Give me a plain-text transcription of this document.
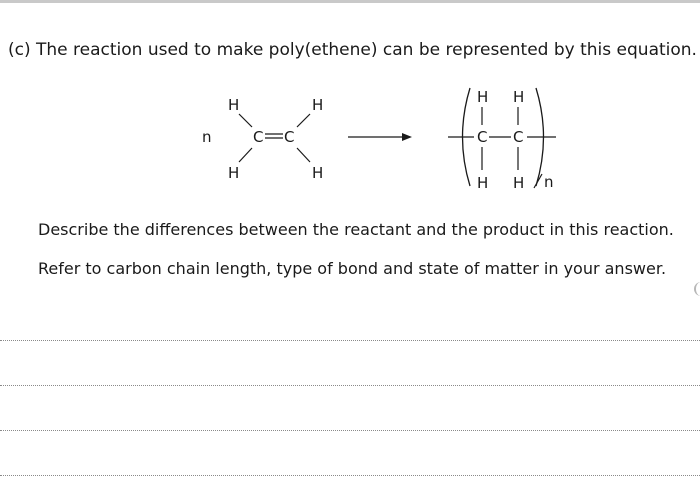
(c) The reaction used to make poly(ethene) can be represented by this equation.

n
H	H
H	H
C C	C C
H H
H H n

Describe the differences between the reactant and the product in this reaction.

Refer to carbon chain length, type of bond and state of matter in your answer.
